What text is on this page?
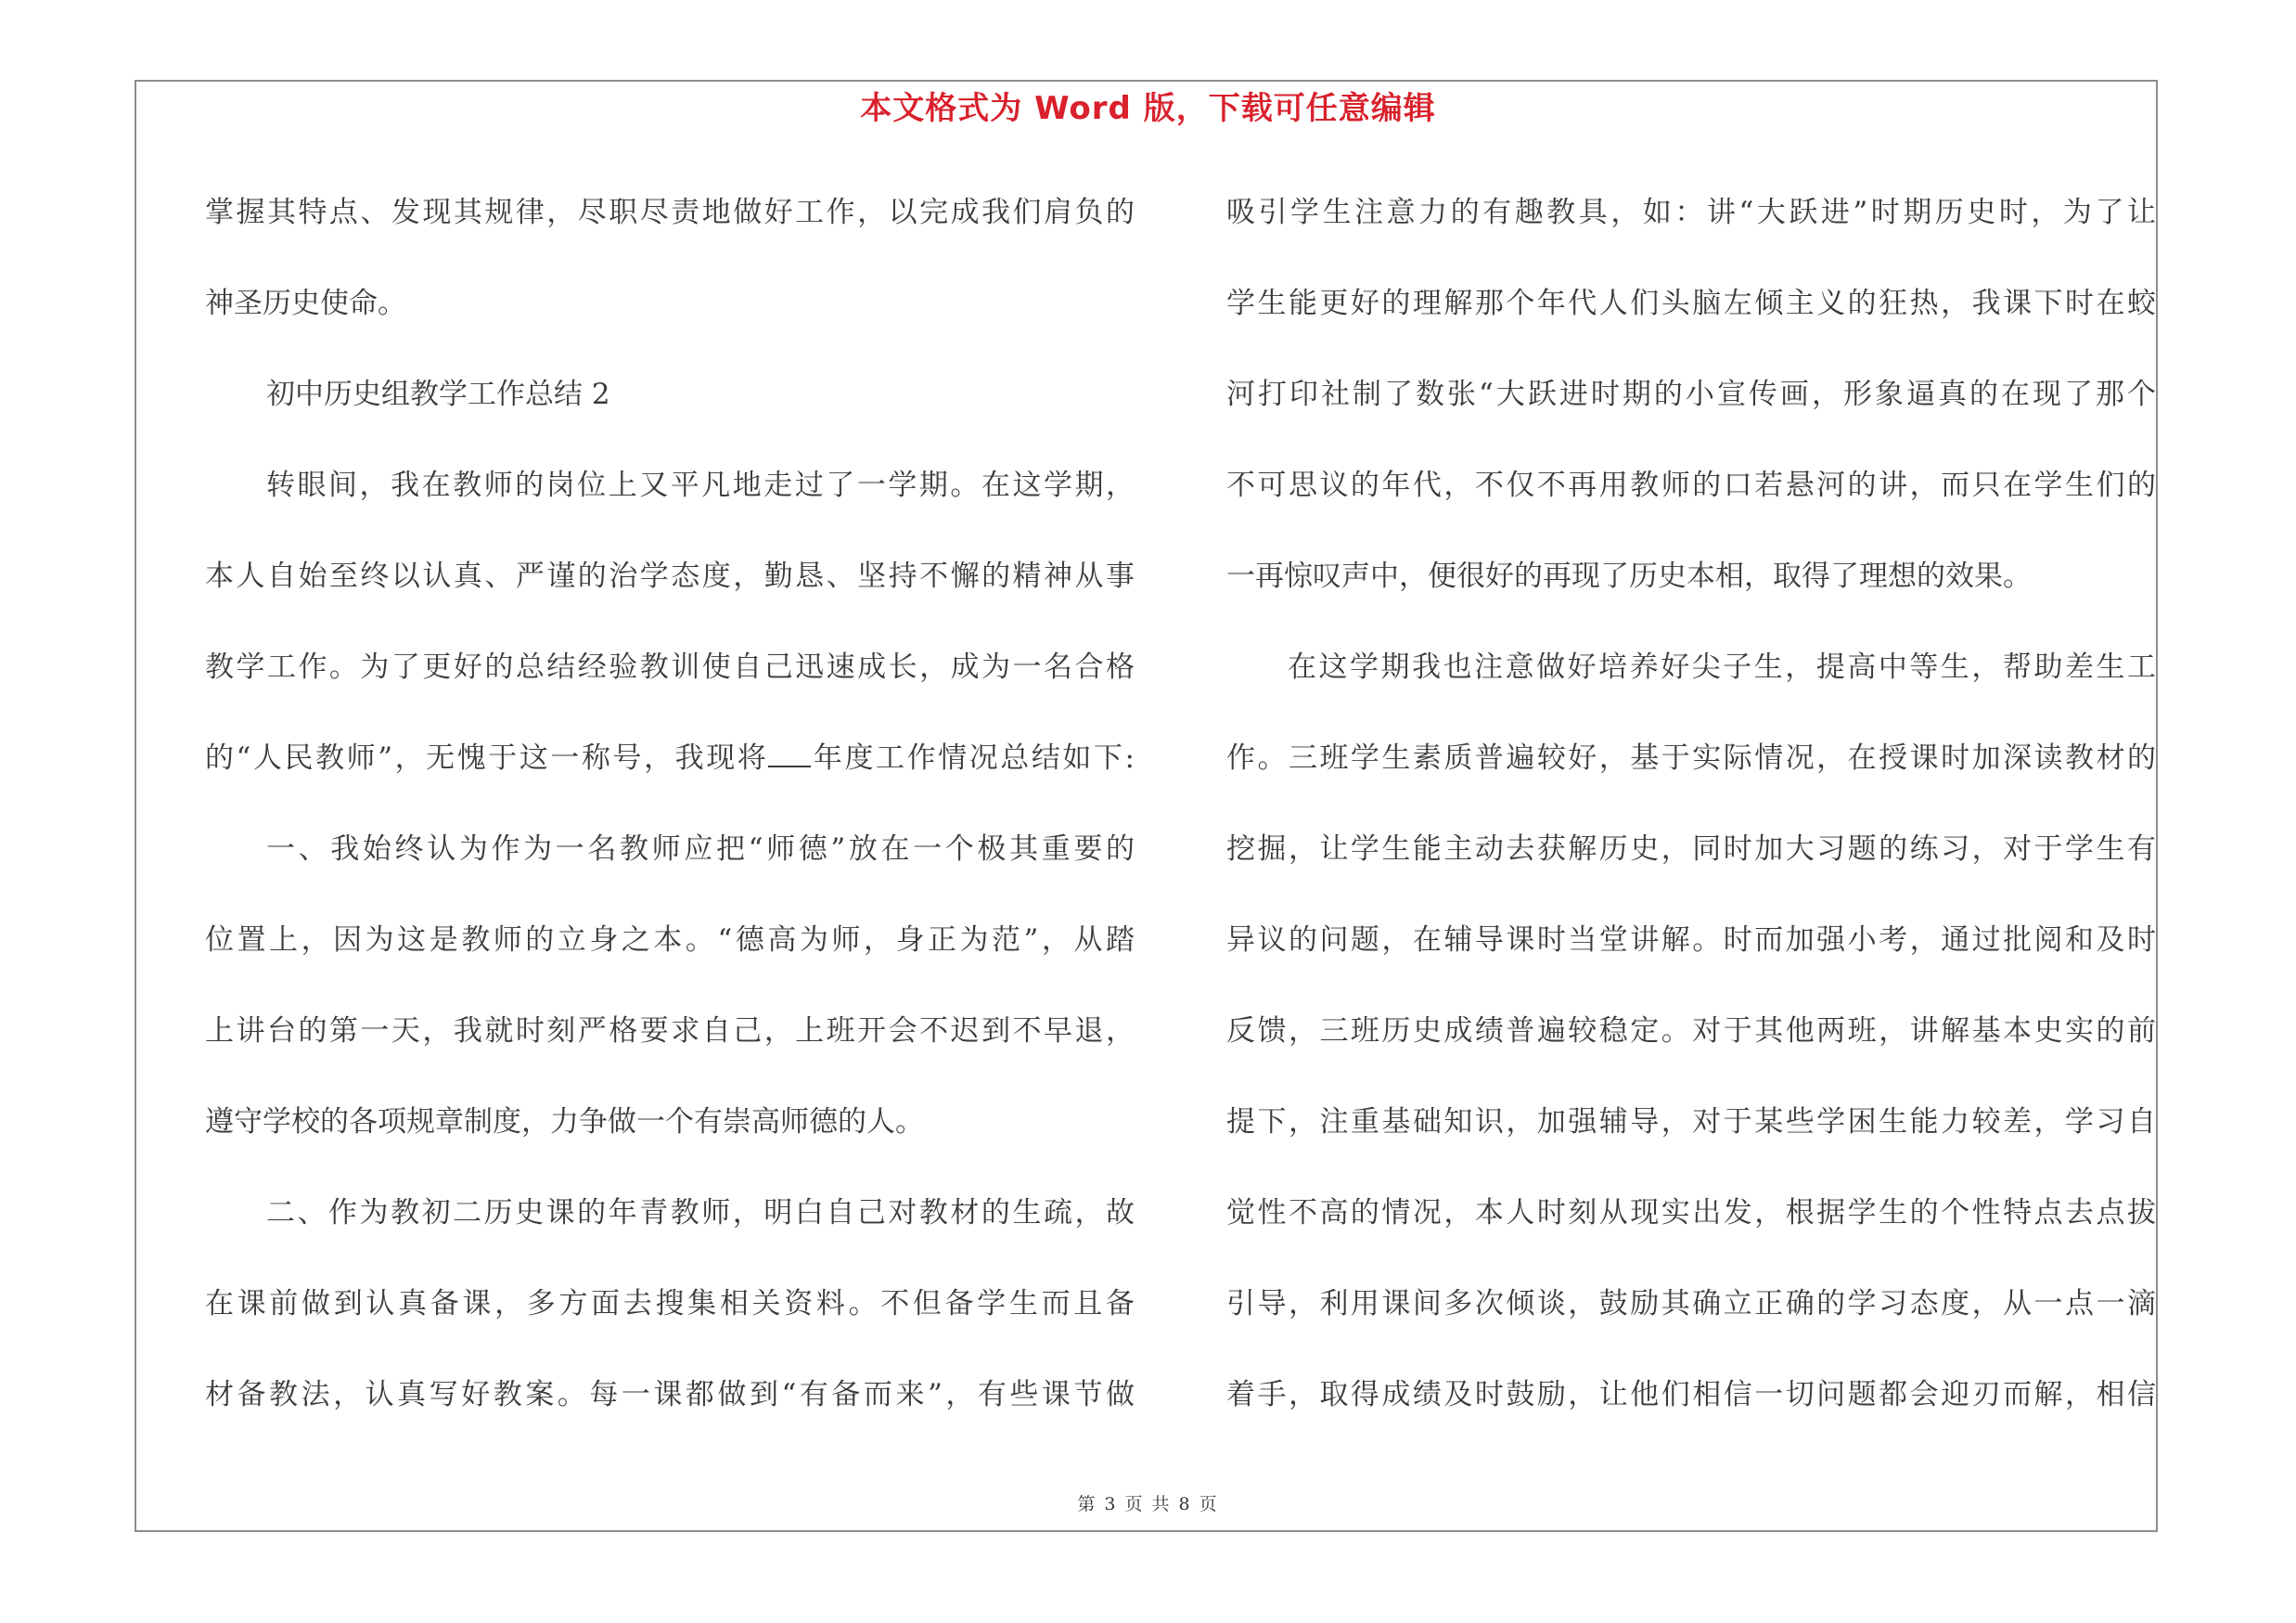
本文格式为 Word 版，下载可任意编辑
掌握其特点、发现其规律，尽职尽责地做好工作，以完成我们肩负的
神圣历史使命。
初中历史组教学工作总结 2
转眼间，我在教师的岗位上又平凡地走过了一学期。在这学期，
本人自始至终以认真、严谨的治学态度，勤恳、坚持不懈的精神从事
教学工作。为了更好的总结经验教训使自己迅速成长，成为一名合格
的“人民教师”，无愧于这一称号，我现将 年度工作情况总结如下:
一、我始终认为作为一名教师应把“师德”放在一个极其重要的
位置上，因为这是教师的立身之本。“德高为师，身正为范”，从踏
上讲台的第一天，我就时刻严格要求自己，上班开会不迟到不早退，
遵守学校的各项规章制度，力争做一个有崇高师德的人。
二、作为教初二历史课的年青教师，明白自己对教材的生疏，故
在课前做到认真备课，多方面去搜集相关资料。不但备学生而且备
材备教法，认真写好教案。每一课都做到“有备而来”，有些课节做
吸引学生注意力的有趣教具，如：讲“大跃进”时期历史时，为了让
学生能更好的理解那个年代人们头脑左倾主义的狂热，我课下时在蛟
河打印社制了数张“大跃进时期的小宣传画，形象逼真的在现了那个
不可思议的年代，不仅不再用教师的口若悬河的讲，而只在学生们的
一再惊叹声中，便很好的再现了历史本相，取得了理想的效果。
在这学期我也注意做好培养好尖子生，提高中等生，帮助差生工
作。三班学生素质普遍较好，基于实际情况，在授课时加深读教材的
挖掘，让学生能主动去获解历史，同时加大习题的练习，对于学生有
异议的问题，在辅导课时当堂讲解。时而加强小考，通过批阅和及时
反馈，三班历史成绩普遍较稳定。对于其他两班，讲解基本史实的前
提下，注重基础知识，加强辅导，对于某些学困生能力较差，学习自
觉性不高的情况，本人时刻从现实出发，根据学生的个性特点去点拔
引导，利用课间多次倾谈，鼓励其确立正确的学习态度，从一点一滴
着手，取得成绩及时鼓励，让他们相信一切问题都会迎刃而解，相信
第 3 页 共 8 页
